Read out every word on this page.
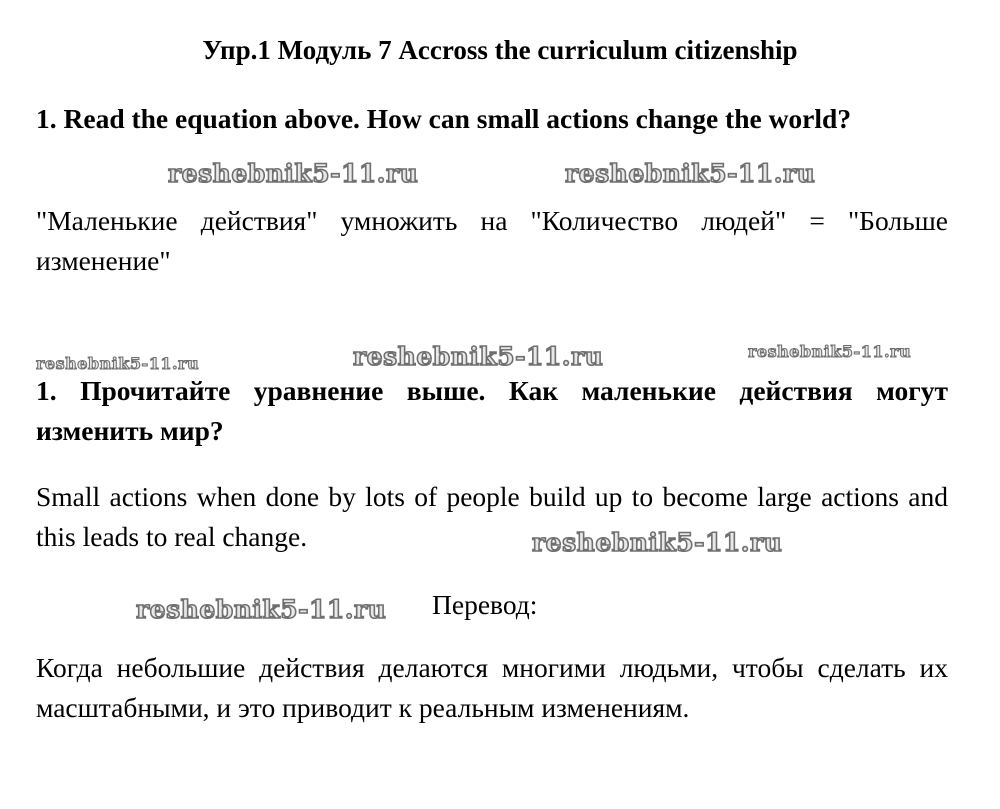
Упр.1 Модуль 7 Accross the curriculum citizenship
1. Read the equation above. How can small actions change the world?
reshebnik5-11.ru	reshebnik5-11.ru
"Маленькие действия" умножить на "Количество людей" = "Больше изменение"
reshebnik5-11.ru	reshebnik5-11.ru	reshebnik5-11.ru
1. Прочитайте уравнение выше. Как маленькие действия могут изменить мир?
Small actions when done by lots of people build up to become large actions and this leads to real change.	reshebnik5-11.ru
reshebnik5-11.ru Перевод:
Когда небольшие действия делаются многими людьми, чтобы сделать их масштабными, и это приводит к реальным изменениям.
